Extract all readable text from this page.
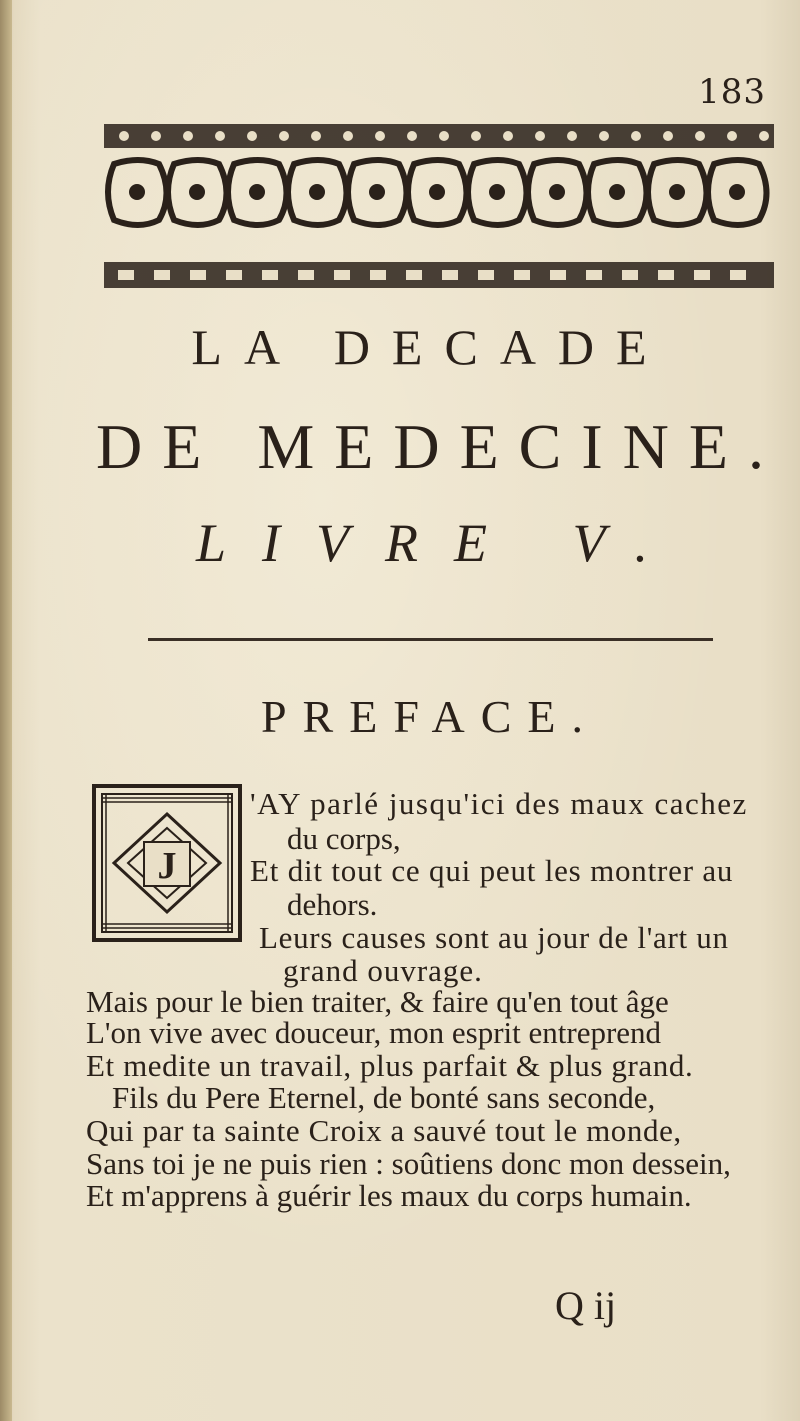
183
LA DECADE
DE MEDECINE.
LIVRE V.
PREFACE.
J
'AY parlé jusqu'ici des maux cachez
du corps,
Et dit tout ce qui peut les montrer au
dehors.
Leurs causes sont au jour de l'art un
grand ouvrage.
Mais pour le bien traiter, & faire qu'en tout âge
L'on vive avec douceur, mon esprit entreprend
Et medite un travail, plus parfait & plus grand.
Fils du Pere Eternel, de bonté sans seconde,
Qui par ta sainte Croix a sauvé tout le monde,
Sans toi je ne puis rien : soûtiens donc mon dessein,
Et m'apprens à guérir les maux du corps humain.
Q ij
